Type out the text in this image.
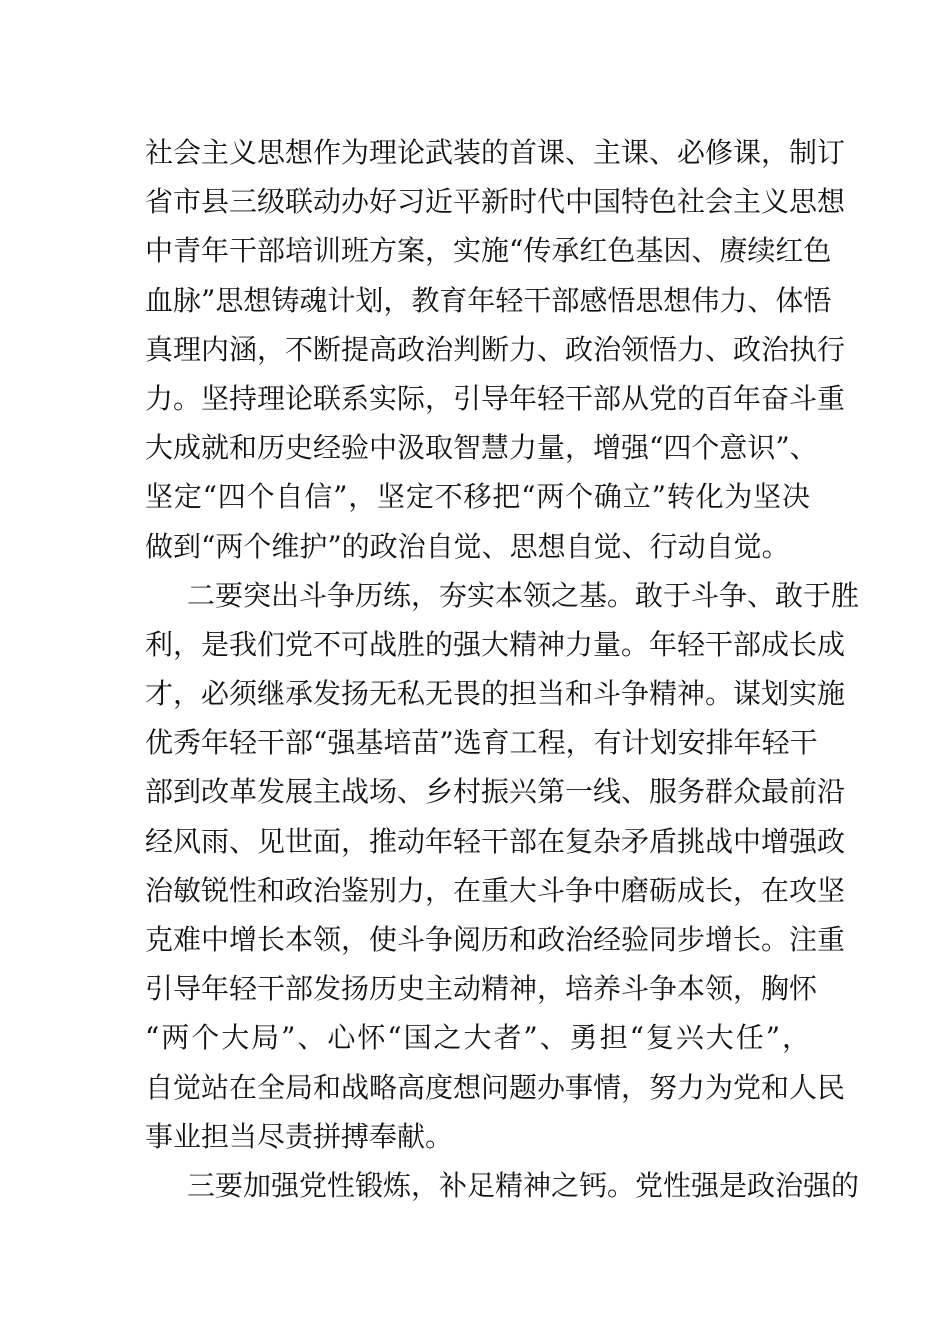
社会主义思想作为理论武装的首课、主课、必修课，制订
省市县三级联动办好习近平新时代中国特色社会主义思想
中青年干部培训班方案，实施“传承红色基因、赓续红色
血脉”思想铸魂计划，教育年轻干部感悟思想伟力、体悟
真理内涵，不断提高政治判断力、政治领悟力、政治执行
力。坚持理论联系实际，引导年轻干部从党的百年奋斗重
大成就和历史经验中汲取智慧力量，增强“四个意识”、
坚定“四个自信”，坚定不移把“两个确立”转化为坚决
做到“两个维护”的政治自觉、思想自觉、行动自觉。
二要突出斗争历练，夯实本领之基。敢于斗争、敢于胜
利，是我们党不可战胜的强大精神力量。年轻干部成长成
才，必须继承发扬无私无畏的担当和斗争精神。谋划实施
优秀年轻干部“强基培苗”选育工程，有计划安排年轻干
部到改革发展主战场、乡村振兴第一线、服务群众最前沿
经风雨、见世面，推动年轻干部在复杂矛盾挑战中增强政
治敏锐性和政治鉴别力，在重大斗争中磨砺成长，在攻坚
克难中增长本领，使斗争阅历和政治经验同步增长。注重
引导年轻干部发扬历史主动精神，培养斗争本领，胸怀
“两个大局”、心怀“国之大者”、勇担“复兴大任”，
自觉站在全局和战略高度想问题办事情，努力为党和人民
事业担当尽责拼搏奉献。
三要加强党性锻炼，补足精神之钙。党性强是政治强的
